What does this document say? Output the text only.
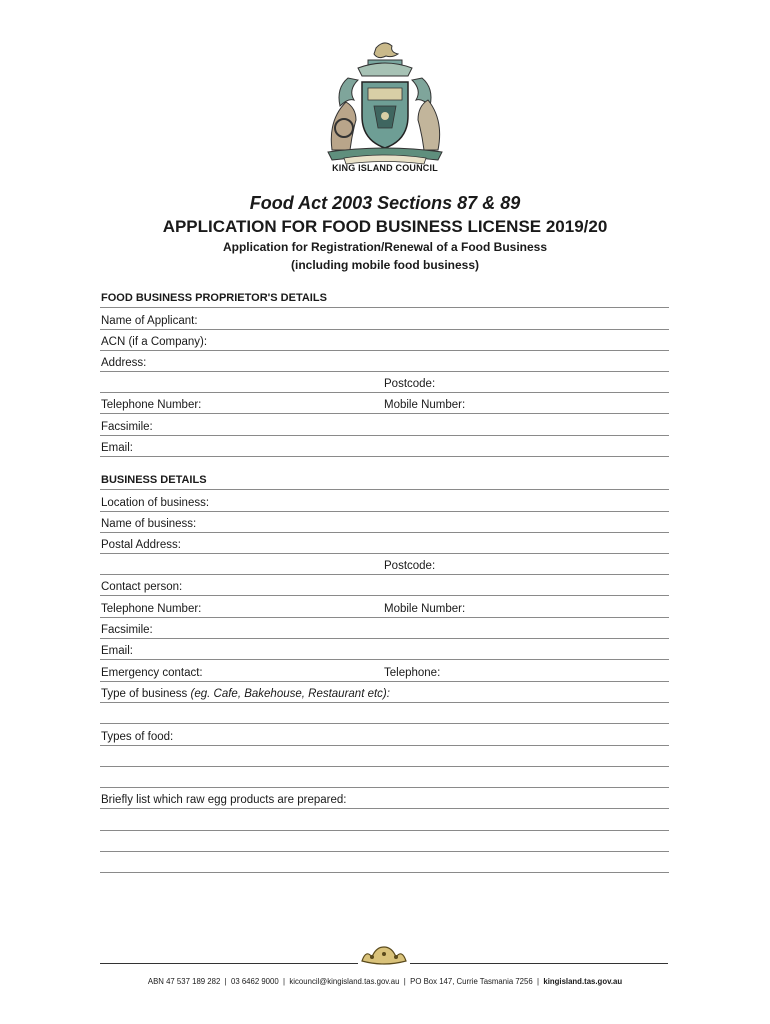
KING ISLAND COUNCIL
Food Act 2003 Sections 87 & 89
APPLICATION FOR FOOD BUSINESS LICENSE 2019/20
Application for Registration/Renewal of a Food Business
(including mobile food business)
FOOD BUSINESS PROPRIETOR'S DETAILS
Name of Applicant:
ACN (if a Company):
Address:
Postcode:
Telephone Number:	Mobile Number:
Facsimile:
Email:
BUSINESS DETAILS
Location of business:
Name of business:
Postal Address:
Postcode:
Contact person:
Telephone Number:	Mobile Number:
Facsimile:
Email:
Emergency contact:	Telephone:
Type of business (eg. Cafe, Bakehouse, Restaurant etc):
Types of food:
Briefly list which raw egg products are prepared:
ABN 47 537 189 282  |  03 6462 9000  |  kicouncil@kingisland.tas.gov.au  |  PO Box 147, Currie Tasmania 7256  |  kingisland.tas.gov.au
